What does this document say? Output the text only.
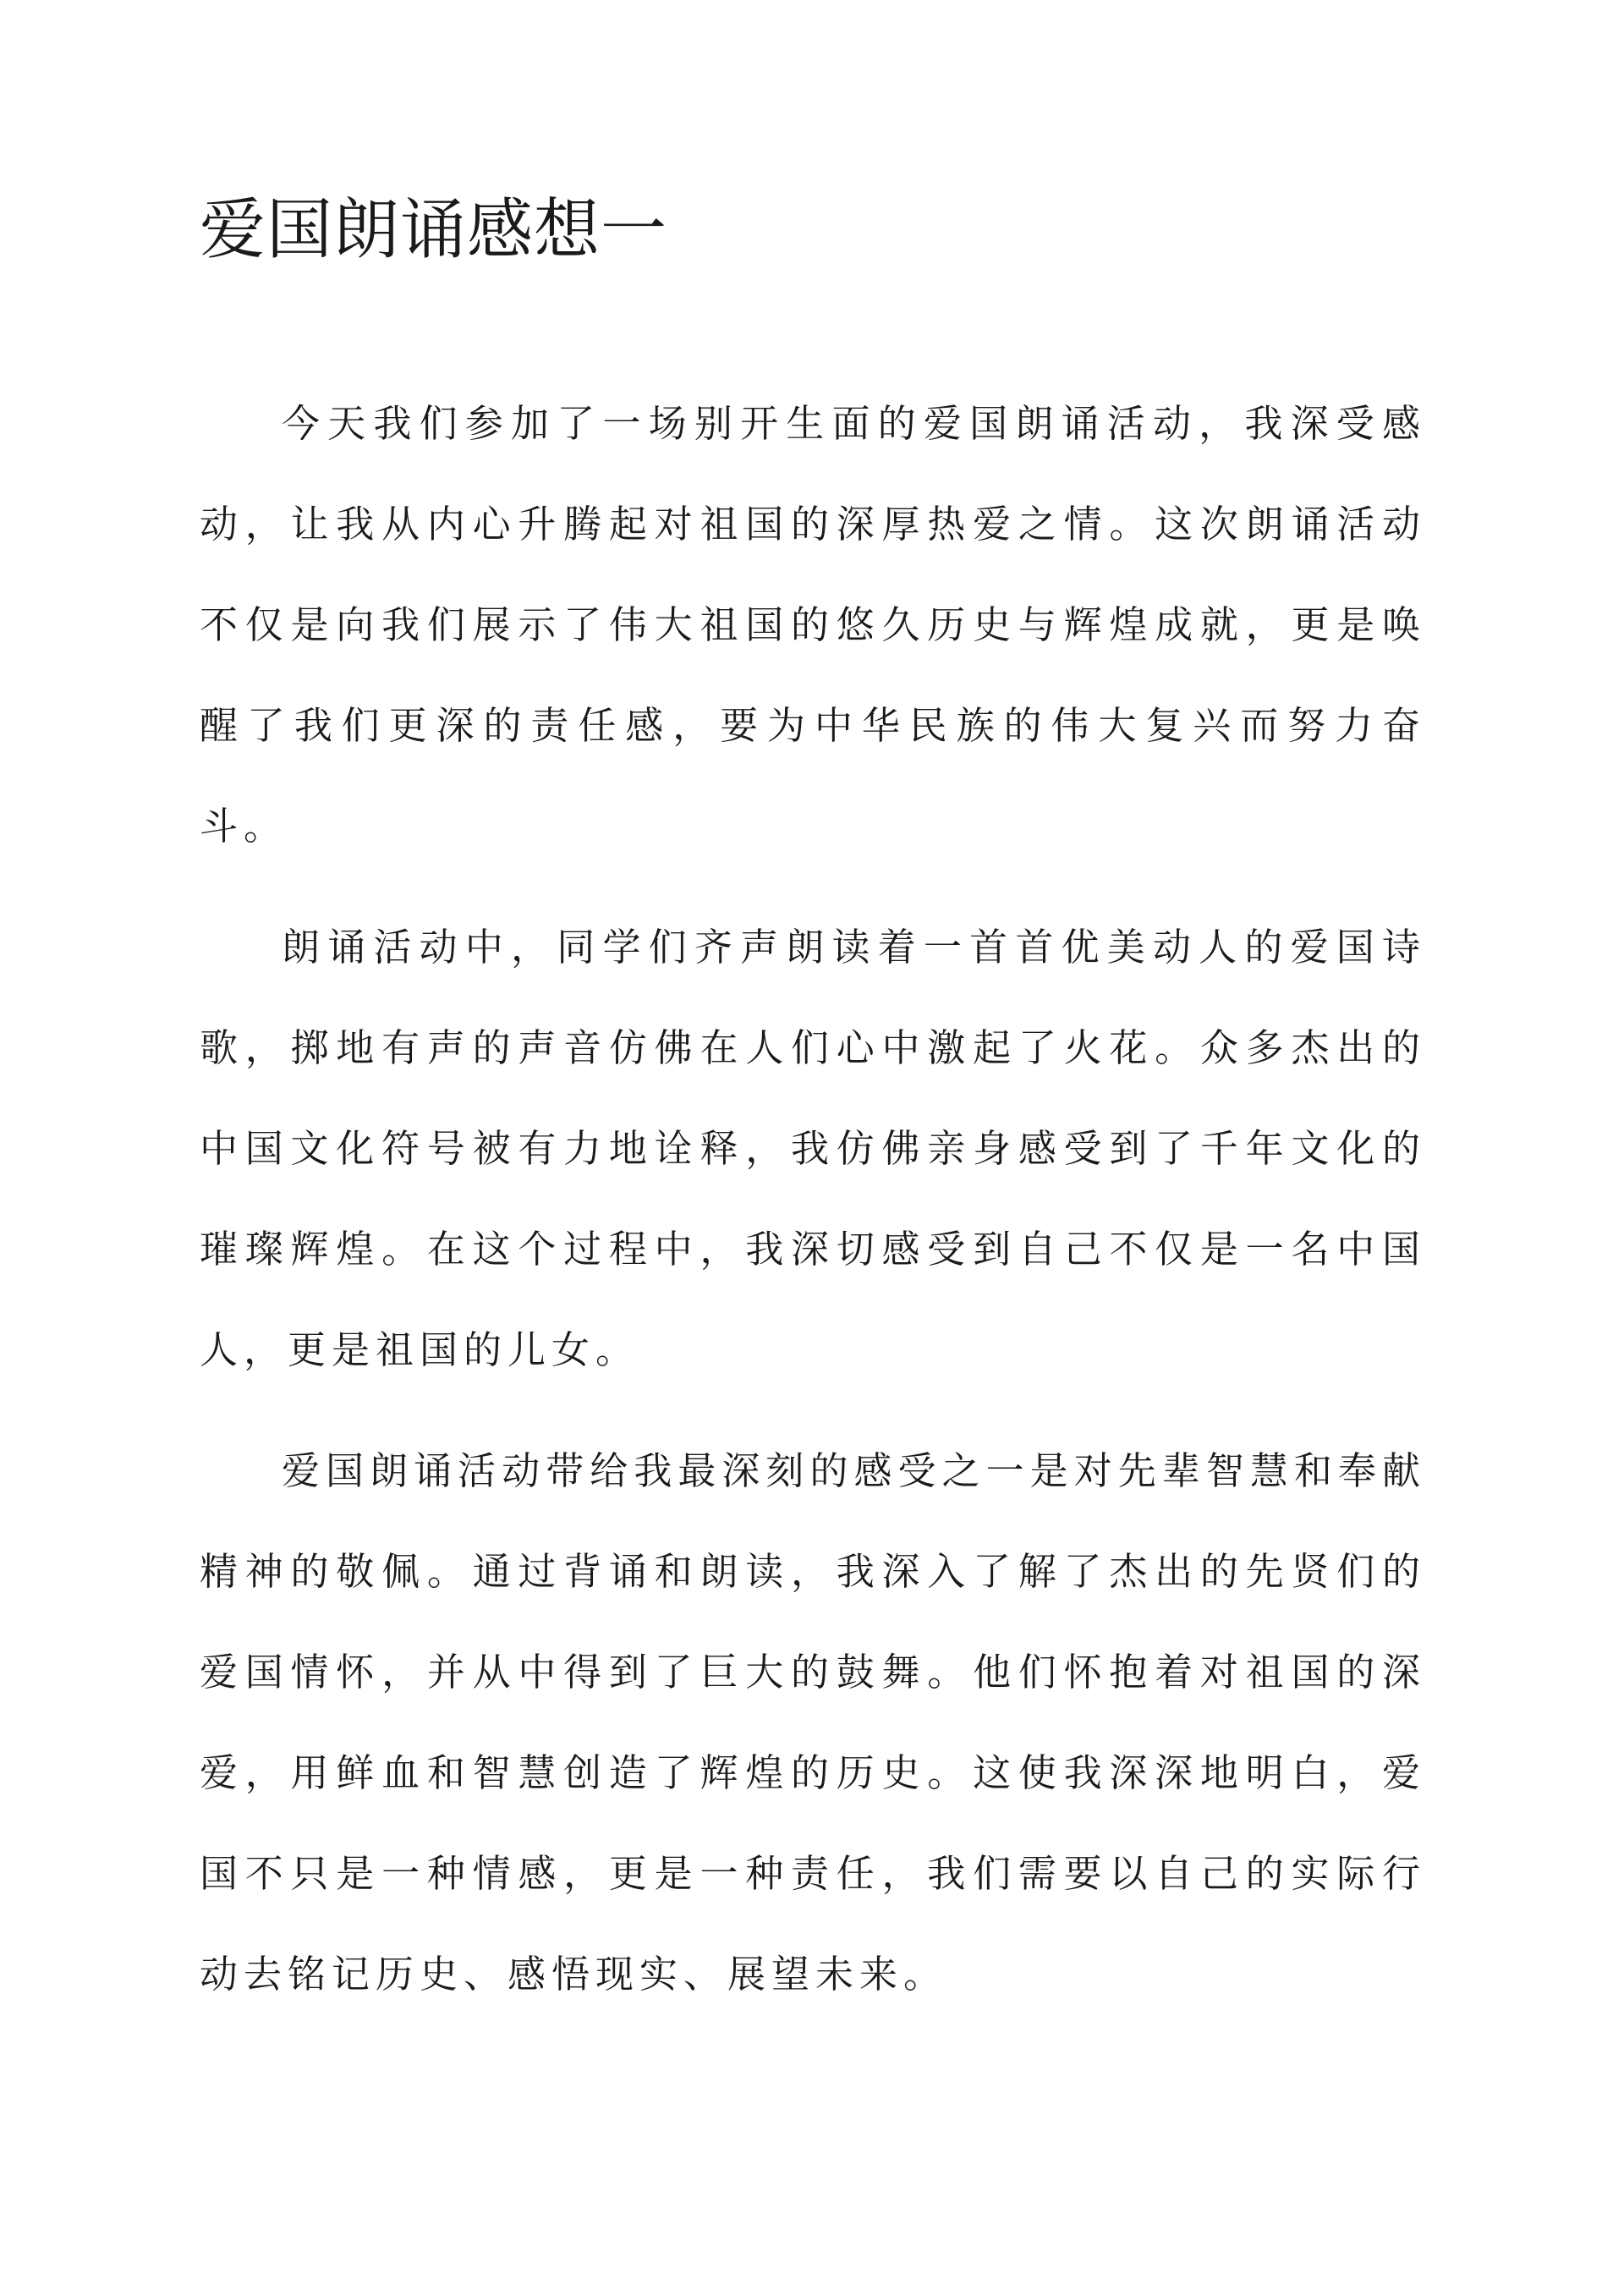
爱国朗诵感想一

今天我们参加了一场别开生面的爱国朗诵活动，我深受感动，让我从内心升腾起对祖国的深厚热爱之情。这次朗诵活动不仅是向我们展示了伟大祖国的悠久历史与辉煌成就，更是唤醒了我们更深的责任感，要为中华民族的伟大复兴而努力奋斗。

朗诵活动中，同学们齐声朗读着一首首优美动人的爱国诗歌，掷地有声的声音仿佛在人们心中激起了火花。众多杰出的中国文化符号被有力地诠释，我仿佛亲身感受到了千年文化的璀璨辉煌。在这个过程中，我深切感受到自己不仅是一名中国人，更是祖国的儿女。

爱国朗诵活动带给我最深刻的感受之一是对先辈智慧和奉献精神的敬佩。通过背诵和朗读，我深入了解了杰出的先贤们的爱国情怀，并从中得到了巨大的鼓舞。他们怀抱着对祖国的深爱，用鲜血和智慧创造了辉煌的历史。这使我深深地明白，爱国不只是一种情感，更是一种责任，我们需要以自己的实际行动去铭记历史、感悟现实、展望未来。
